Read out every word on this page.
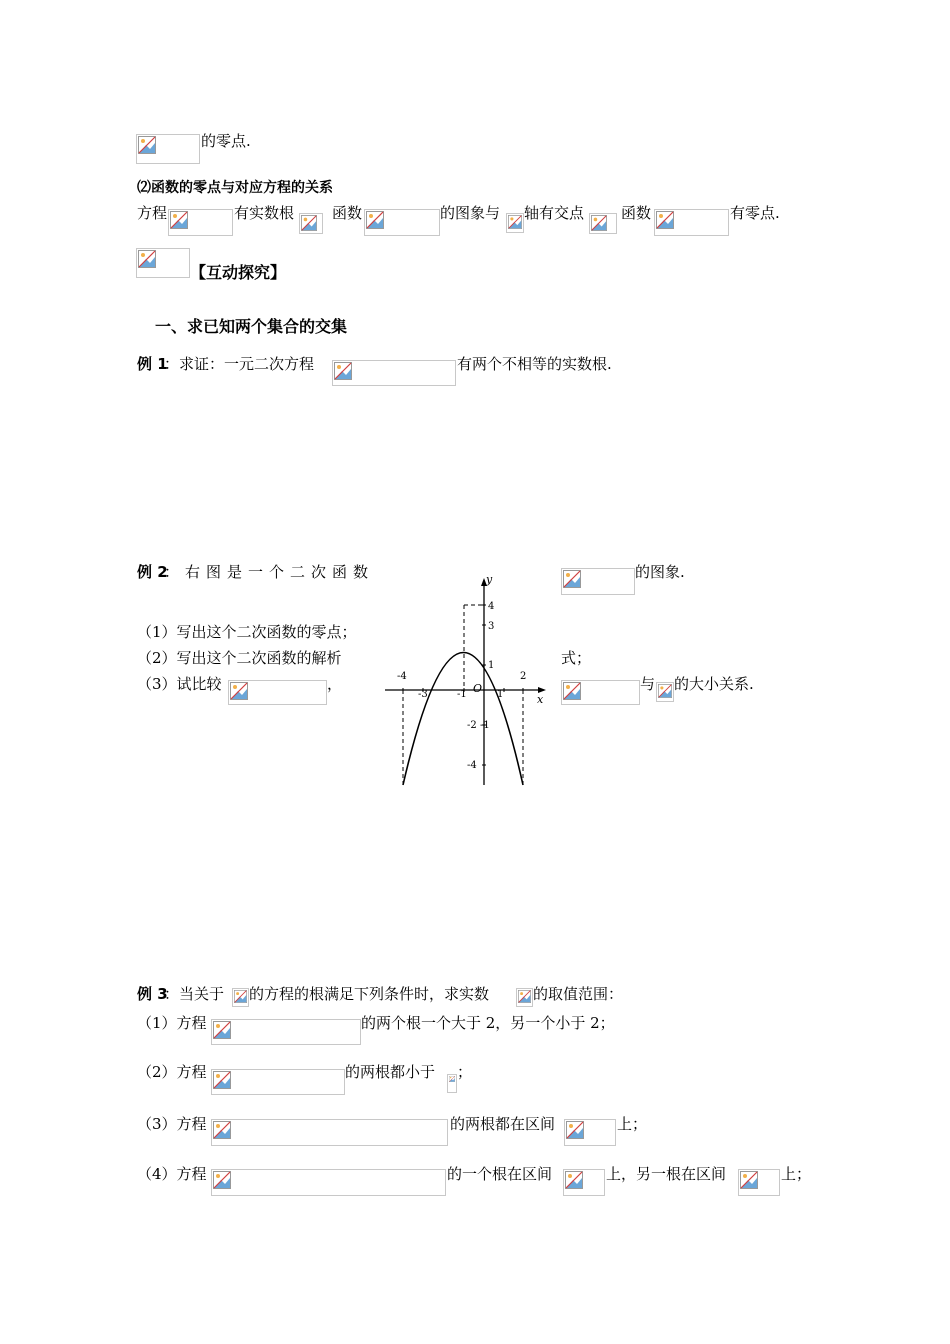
的零点.
⑵函数的零点与对应方程的关系
方程	有实数根	函数	的图象与 轴有交点 函数	有零点.
【互动探究】
一、求已知两个集合的交集
例 1
：求证：一元二次方程	有两个不相等的实数根.
例 2
：右图是一个二次函数	的图象.
（1）写出这个二次函数的零点；
（2）写出这个二次函数的解析	式；
（3）试比较	，	与 的大小关系.
y
x
O
4
3
1
-1
-2
-4
-4
-3	-1	1
2
例 3
：当关于 的方程的根满足下列条件时，求实数	的取值范围：
（1）方程	的两个根一个大于 2，另一个小于 2；
（2）方程	的两根都小于 ；
（3）方程	的两根都在区间	上；
（4）方程	的一个根在区间	上，另一根在区间	上；
